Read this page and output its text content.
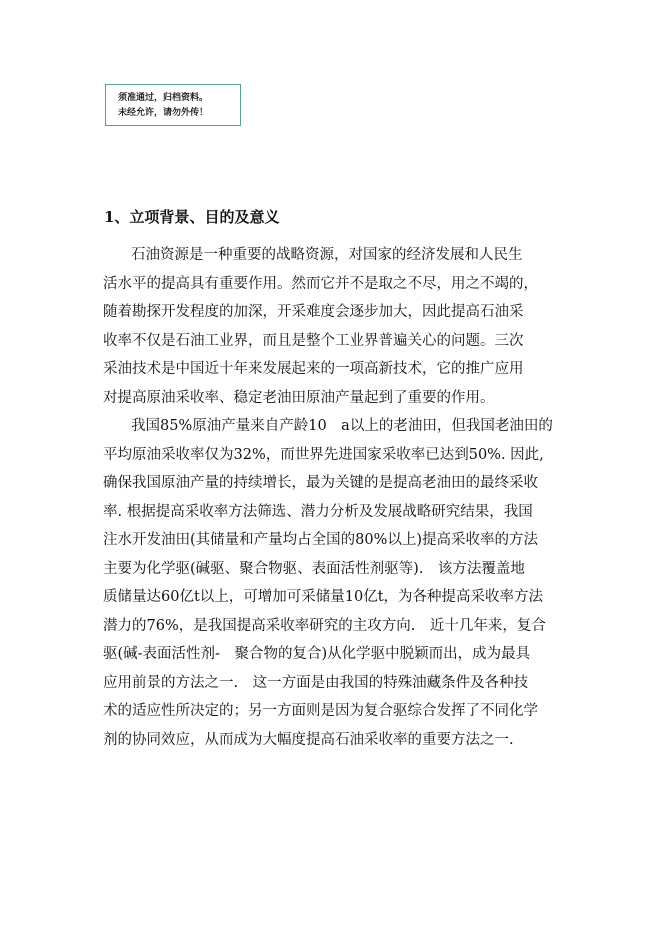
须准通过，归档资料。
未经允许，请勿外传！
1、立项背景、目的及意义
石油资源是一种重要的战略资源，对国家的经济发展和人民生
活水平的提高具有重要作用。然而它并不是取之不尽，用之不竭的，
随着勘探开发程度的加深，开采难度会逐步加大，因此提高石油采
收率不仅是石油工业界，而且是整个工业界普遍关心的问题。三次
采油技术是中国近十年来发展起来的一项高新技术，它的推广应用
对提高原油采收率、稳定老油田原油产量起到了重要的作用。
我国85%原油产量来自产龄10　a以上的老油田，但我国老油田的
平均原油采收率仅为32%，而世界先进国家采收率已达到50%. 因此,
确保我国原油产量的持续增长，最为关键的是提高老油田的最终采收
率. 根据提高采收率方法筛选、潜力分析及发展战略研究结果，我国
注水开发油田(其储量和产量均占全国的80%以上)提高采收率的方法
主要为化学驱(碱驱、聚合物驱、表面活性剂驱等).　该方法覆盖地
质储量达60亿t以上，可增加可采储量10亿t，为各种提高采收率方法
潜力的76%，是我国提高采收率研究的主攻方向.　近十几年来，复合
驱(碱-表面活性剂-　聚合物的复合)从化学驱中脱颖而出，成为最具
应用前景的方法之一.　这一方面是由我国的特殊油藏条件及各种技
术的适应性所决定的；另一方面则是因为复合驱综合发挥了不同化学
剂的协同效应，从而成为大幅度提高石油采收率的重要方法之一.
